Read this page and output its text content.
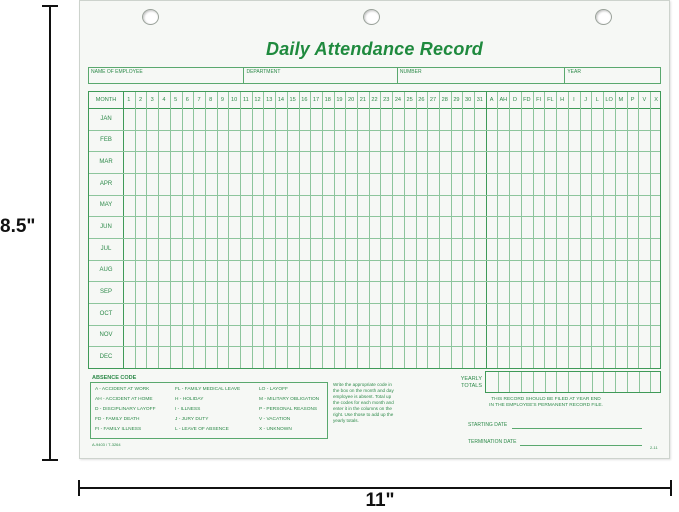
8.5"
11"
Daily Attendance Record
NAME OF EMPLOYEE	DEPARTMENT	NUMBER	YEAR
MONTH	1	2	3	4	5	6	7	8	9	10	11	12 13 14 15 16 17 18 19 20 21 22 23 24 25 26 27 28 29 30 31	A	AH	D	FD FI	FL	H	I	J	L	LO	M	P	V	X
JAN
FEB
MAR
APR
MAY
JUN
JUL
AUG
SEP
OCT
NOV
DEC
YEARLY
TOTALS
ABSENCE CODE
A - ACCIDENT AT WORK	FL - FAMILY MEDICAL LEAVE	LO - LAYOFF
AH - ACCIDENT AT HOME	H - HOLIDAY	M - MILITARY OBLIGATION
D - DISCIPLINARY LAYOFF	I - ILLNESS	P - PERSONAL REASONS
FD - FAMILY DEATH	J - JURY DUTY	V - VACATION
FI - FAMILY ILLNESS	L - LEAVE OF ABSENCE	X - UNKNOWN
Write the appropriate code in the box on the month and day employee is absent. Total up the codes for each month and enter it in the columns on the right. Use those to add up the yearly totals.
THIS RECORD SHOULD BE FILED AT YEAR END
IN THE EMPLOYEE'S PERMANENT RECORD FILE.
STARTING DATE
TERMINATION DATE
A-9403 / T-3264
2-11
